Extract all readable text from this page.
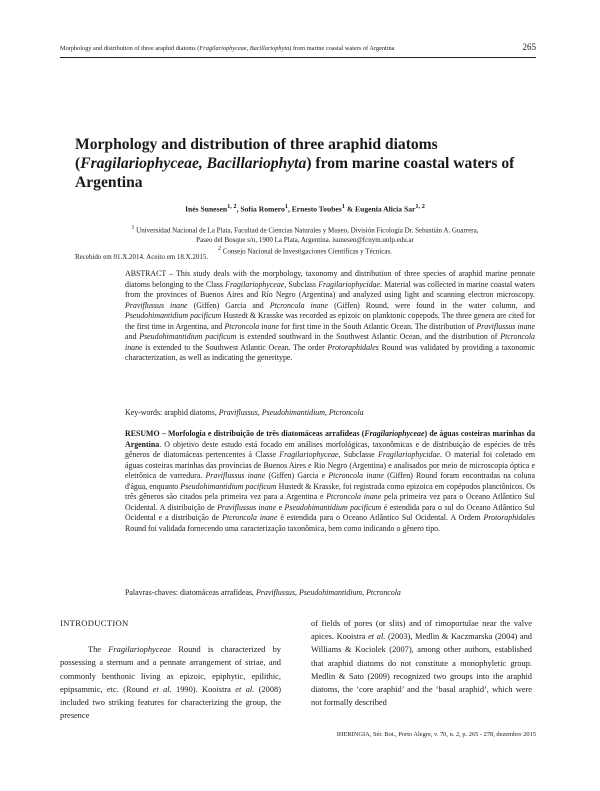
Morphology and distribution of three araphid diatoms (Fragilariophyceae, Bacillariophyta) from marine coastal waters of Argentina	265
Morphology and distribution of three araphid diatoms
(Fragilariophyceae, Bacillariophyta) from marine coastal waters of Argentina
Inés Sunesen$^{1, 2}$, Sofía Romero$^1$, Ernesto Toubes$^1$ & Eugenia Alicia Sar$^{1, 2}$
$^1$ Universidad Nacional de La Plata, Facultad de Ciencias Naturales y Museo, División Ficología Dr. Sebastián A. Guarrera,
Paseo del Bosque s/n, 1900 La Plata, Argentina. isunesen@fcnym.unlp.edu.ar
$^2$ Consejo Nacional de Investigaciones Científicas y Técnicas.
Recebido em 01.X.2014. Aceito em 18.X.2015.

ABSTRACT – This study deals with the morphology, taxonomy and distribution of three species of araphid marine pennate diatoms belonging to the Class Fragilariophyceae, Subclass Fragilariophycidae. Material was collected in marine coastal waters from the provinces of Buenos Aires and Río Negro (Argentina) and analyzed using light and scanning electron microscopy. Praviflussus inane (Giffen) Garcia and Ptcroncola inane (Giffen) Round, were found in the water column, and Pseudohimantidium pacificum Hustedt & Krasske was recorded as epizoic on planktonic copepods. The three genera are cited for the first time in Argentina, and Ptcroncola inane for first time in the South Atlantic Ocean. The distribution of Praviflussus inane and Pseudohimantidium pacificum is extended southward in the Southwest Atlantic Ocean, and the distribution of Ptcroncola inane is extended to the Southwest Atlantic Ocean. The order Protoraphidales Round was validated by providing a taxonomic characterization, as well as indicating the generitype.

Key-words: araphid diatoms, Praviflussus, Pseudohimantidium, Ptcroncola

RESUMO – Morfologia e distribuição de três diatomáceas arrafídeas (Fragilariophyceae) de águas costeiras marinhas da Argentina. O objetivo deste estudo está focado em análises morfológicas, taxonômicas e de distribuição de espécies de três gêneros de diatomáceas pertencentes à Classe Fragilariophyceae, Subclasse Fragilariophycidae. O material foi coletado em águas costeiras marinhas das províncias de Buenos Aires e Rio Negro (Argentina) e analisados por meio de microscopia óptica e eletrônica de varredura. Praviflussus inane (Giffen) Garcia e Ptcroncola inane (Giffen) Round foram encontradas na coluna d'água, enquanto Pseudohimantidium pacificum Hustedt & Krasske, foi registrada como epizoica em copépodos planctônicos. Os três gêneros são citados pela primeira vez para a Argentina e Ptcroncola inane pela primeira vez para o Oceano Atlântico Sul Ocidental. A distribuição de Praviflussus inane e Pseudohimantidium pacificum é estendida para o sul do Oceano Atlântico Sul Ocidental e a distribuição de Ptcroncola inane é estendida para o Oceano Atlântico Sul Ocidental. A Ordem Protoraphidales Round foi validada fornecendo uma caracterização taxonômica, bem como indicando o gênero tipo.

Palavras-chaves: diatomáceas arrafídeas, Praviflussus, Pseudohimantidium, Ptcroncola

INTRODUCTION

The Fragilariophyceae Round is characterized by possessing a sternum and a pennate arrangement of striae, and commonly benthonic living as epizoic, epiphytic, epilithic, epipsammic, etc. (Round et al. 1990). Kooistra et al. (2008) included two striking features for characterizing the group, the presence

of fields of pores (or slits) and of rimoportulae near the valve apices. Kooistra et al. (2003), Medlin & Kaczmarska (2004) and Williams & Kociolek (2007), among other authors, established that araphid diatoms do not constitute a monophyletic group. Medlin & Sato (2009) recognized two groups into the araphid diatoms, the ‘core araphid’ and the ‘basal araphid’, which were not formally described

IHERINGIA, Sér. Bot., Porto Alegre, v. 70, n. 2, p. 265 - 278, dezembro 2015
